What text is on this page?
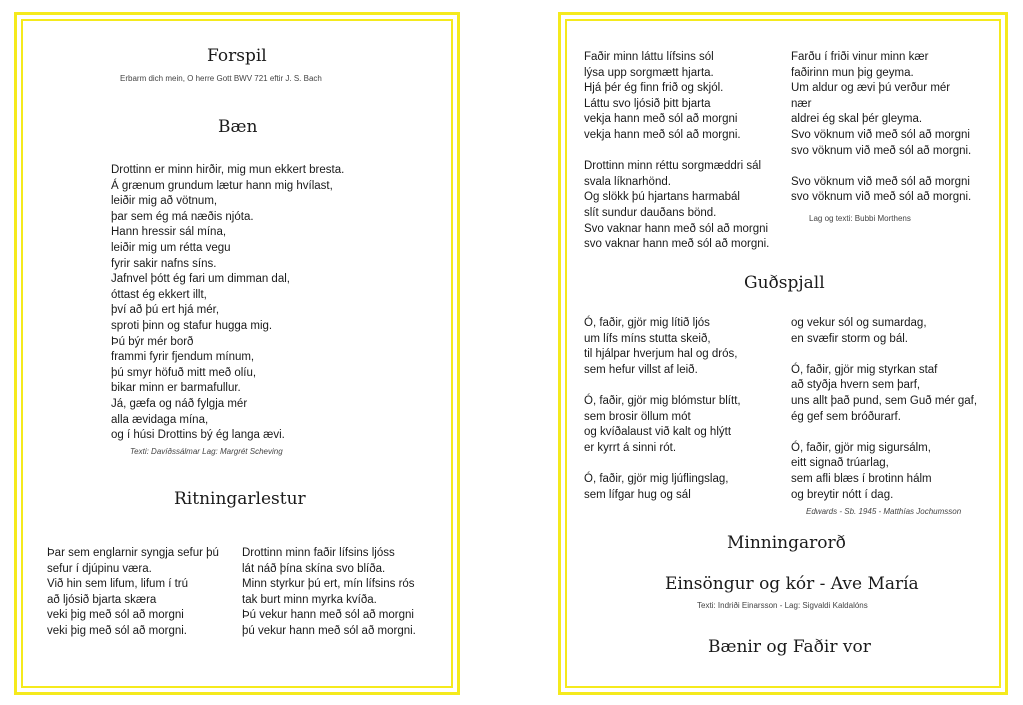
Forspil
Erbarm dich mein, O herre Gott BWV 721 eftir J. S. Bach
Bæn
Drottinn er minn hirðir, mig mun ekkert bresta.
Á grænum grundum lætur hann mig hvílast,
leiðir mig að vötnum,
þar sem ég má næðis njóta.
Hann hressir sál mína,
leiðir mig um rétta vegu
fyrir sakir nafns síns.
Jafnvel þótt ég fari um dimman dal,
óttast ég ekkert illt,
því að þú ert hjá mér,
sproti þinn og stafur hugga mig.
Þú býr mér borð
frammi fyrir fjendum mínum,
þú smyr höfuð mitt með olíu,
bikar minn er barmafullur.
Já, gæfa og náð fylgja mér
alla ævidaga mína,
og í húsi Drottins bý ég langa ævi.
Texti: Davíðssálmar Lag: Margrét Scheving
Ritningarlestur
Þar sem englarnir syngja sefur þú
sefur í djúpinu væra.
Við hin sem lifum, lifum í trú
að ljósið bjarta skæra
veki þig með sól að morgni
veki þig með sól að morgni.
Drottinn minn faðir lífsins ljóss
lát náð þína skína svo blíða.
Minn styrkur þú ert, mín lífsins rós
tak burt minn myrka kvíða.
Þú vekur hann með sól að morgni
þú vekur hann með sól að morgni.
Faðir minn láttu lífsins sól
lýsa upp sorgmætt hjarta.
Hjá þér ég finn frið og skjól.
Láttu svo ljósið þitt bjarta
vekja hann með sól að morgni
vekja hann með sól að morgni.
Drottinn minn réttu sorgmæddri sál
svala líknarhönd.
Og slökk þú hjartans harmabál
slít sundur dauðans bönd.
Svo vaknar hann með sól að morgni
svo vaknar hann með sól að morgni.
Farðu í friði vinur minn kær
faðirinn mun þig geyma.
Um aldur og ævi þú verður mér
nær
aldrei ég skal þér gleyma.
Svo vöknum við með sól að morgni
svo vöknum við með sól að morgni.
Svo vöknum við með sól að morgni
svo vöknum við með sól að morgni.
Lag og texti: Bubbi Morthens
Guðspjall
Ó, faðir, gjör mig lítið ljós
um lífs míns stutta skeið,
til hjálpar hverjum hal og drós,
sem hefur villst af leið.
Ó, faðir, gjör mig blómstur blítt,
sem brosir öllum mót
og kvíðalaust við kalt og hlýtt
er kyrrt á sinni rót.
Ó, faðir, gjör mig ljúflingslag,
sem lífgar hug og sál
og vekur sól og sumardag,
en svæfir storm og bál.
Ó, faðir, gjör mig styrkan staf
að styðja hvern sem þarf,
uns allt það pund, sem Guð mér gaf,
ég gef sem bróðurarf.
Ó, faðir, gjör mig sigursálm,
eitt signað trúarlag,
sem afli blæs í brotinn hálm
og breytir nótt í dag.
Edwards - Sb. 1945 - Matthías Jochumsson
Minningarorð
Einsöngur og kór - Ave María
Texti: Indriði Einarsson - Lag: Sigvaldi Kaldalóns
Bænir og Faðir vor
